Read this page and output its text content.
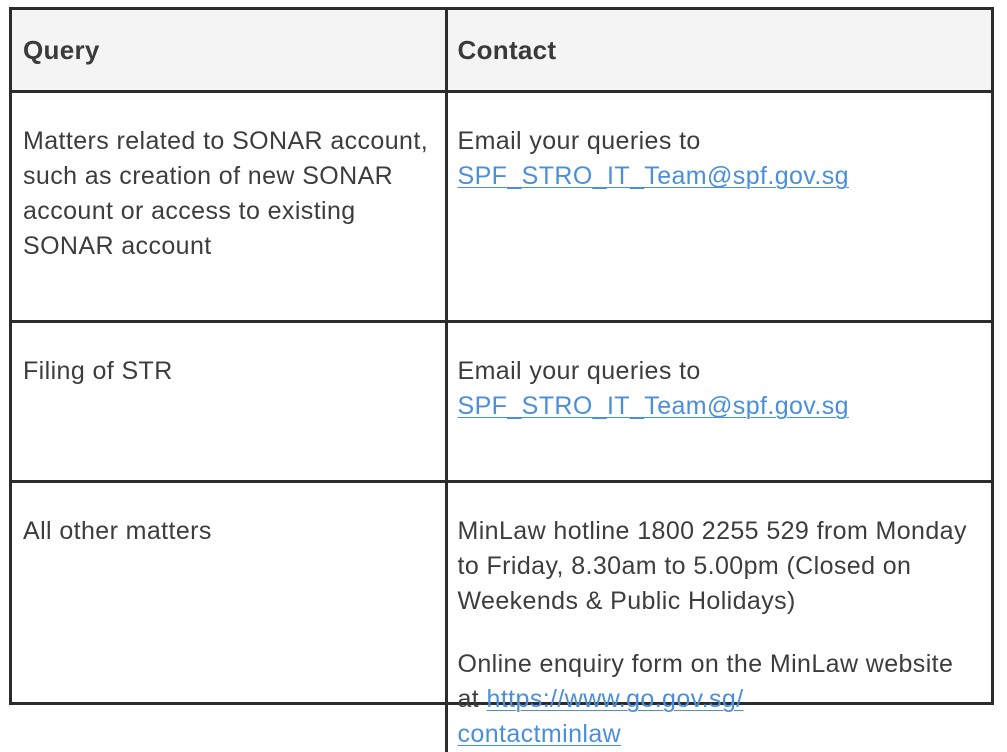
Query	Contact
Matters related to SONAR account, such as creation of new SONAR account or access to existing SONAR account	Email your queries to SPF_STRO_IT_Team@spf.gov.sg
Filing of STR	Email your queries to SPF_STRO_IT_Team@spf.gov.sg
All other matters	MinLaw hotline 1800 2255 529 from Monday to Friday, 8.30am to 5.00pm (Closed on Weekends & Public Holidays)
Online enquiry form on the MinLaw website at https://www.go.gov.sg/
contactminlaw
